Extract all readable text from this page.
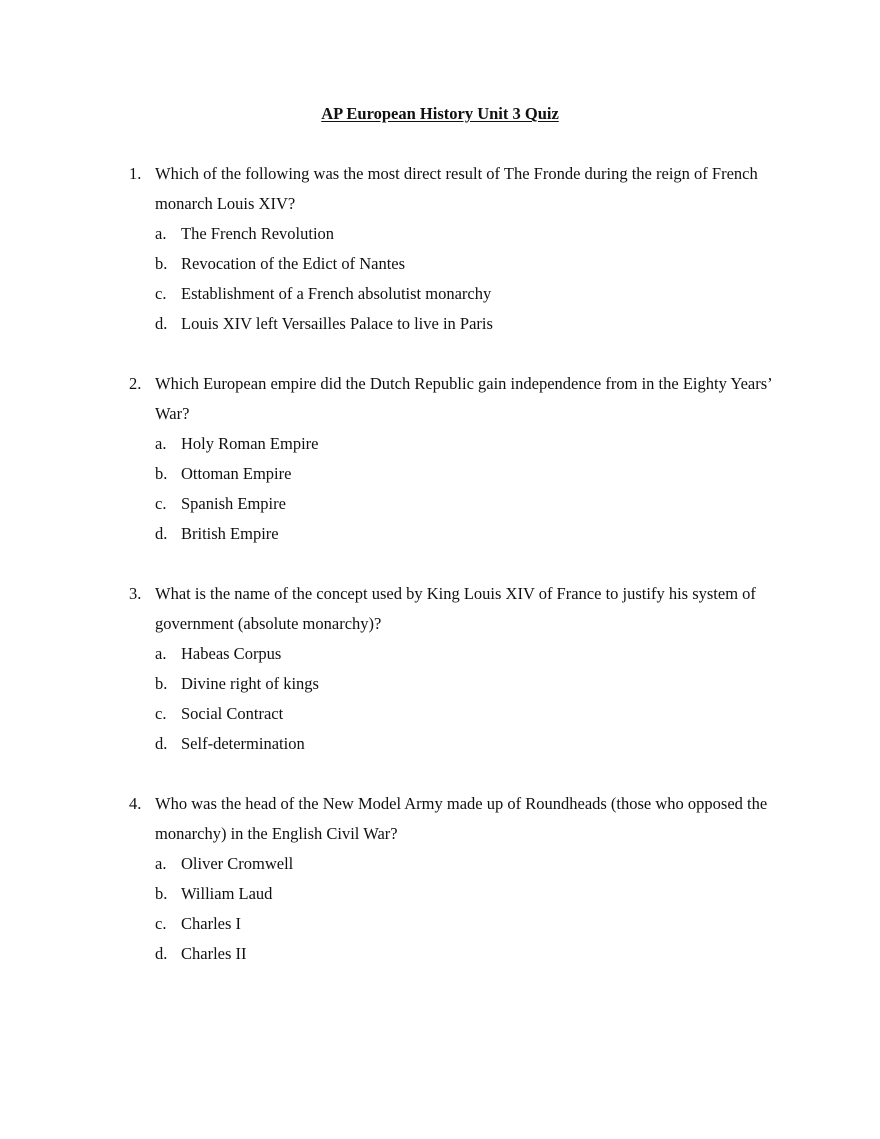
AP European History Unit 3 Quiz
1. Which of the following was the most direct result of The Fronde during the reign of French monarch Louis XIV?

a. The French Revolution
b. Revocation of the Edict of Nantes
c. Establishment of a French absolutist monarchy
d. Louis XIV left Versailles Palace to live in Paris
2. Which European empire did the Dutch Republic gain independence from in the Eighty Years’ War?

a. Holy Roman Empire
b. Ottoman Empire
c. Spanish Empire
d. British Empire
3. What is the name of the concept used by King Louis XIV of France to justify his system of government (absolute monarchy)?

a. Habeas Corpus
b. Divine right of kings
c. Social Contract
d. Self-determination
4. Who was the head of the New Model Army made up of Roundheads (those who opposed the monarchy) in the English Civil War?

a. Oliver Cromwell
b. William Laud
c. Charles I
d. Charles II
